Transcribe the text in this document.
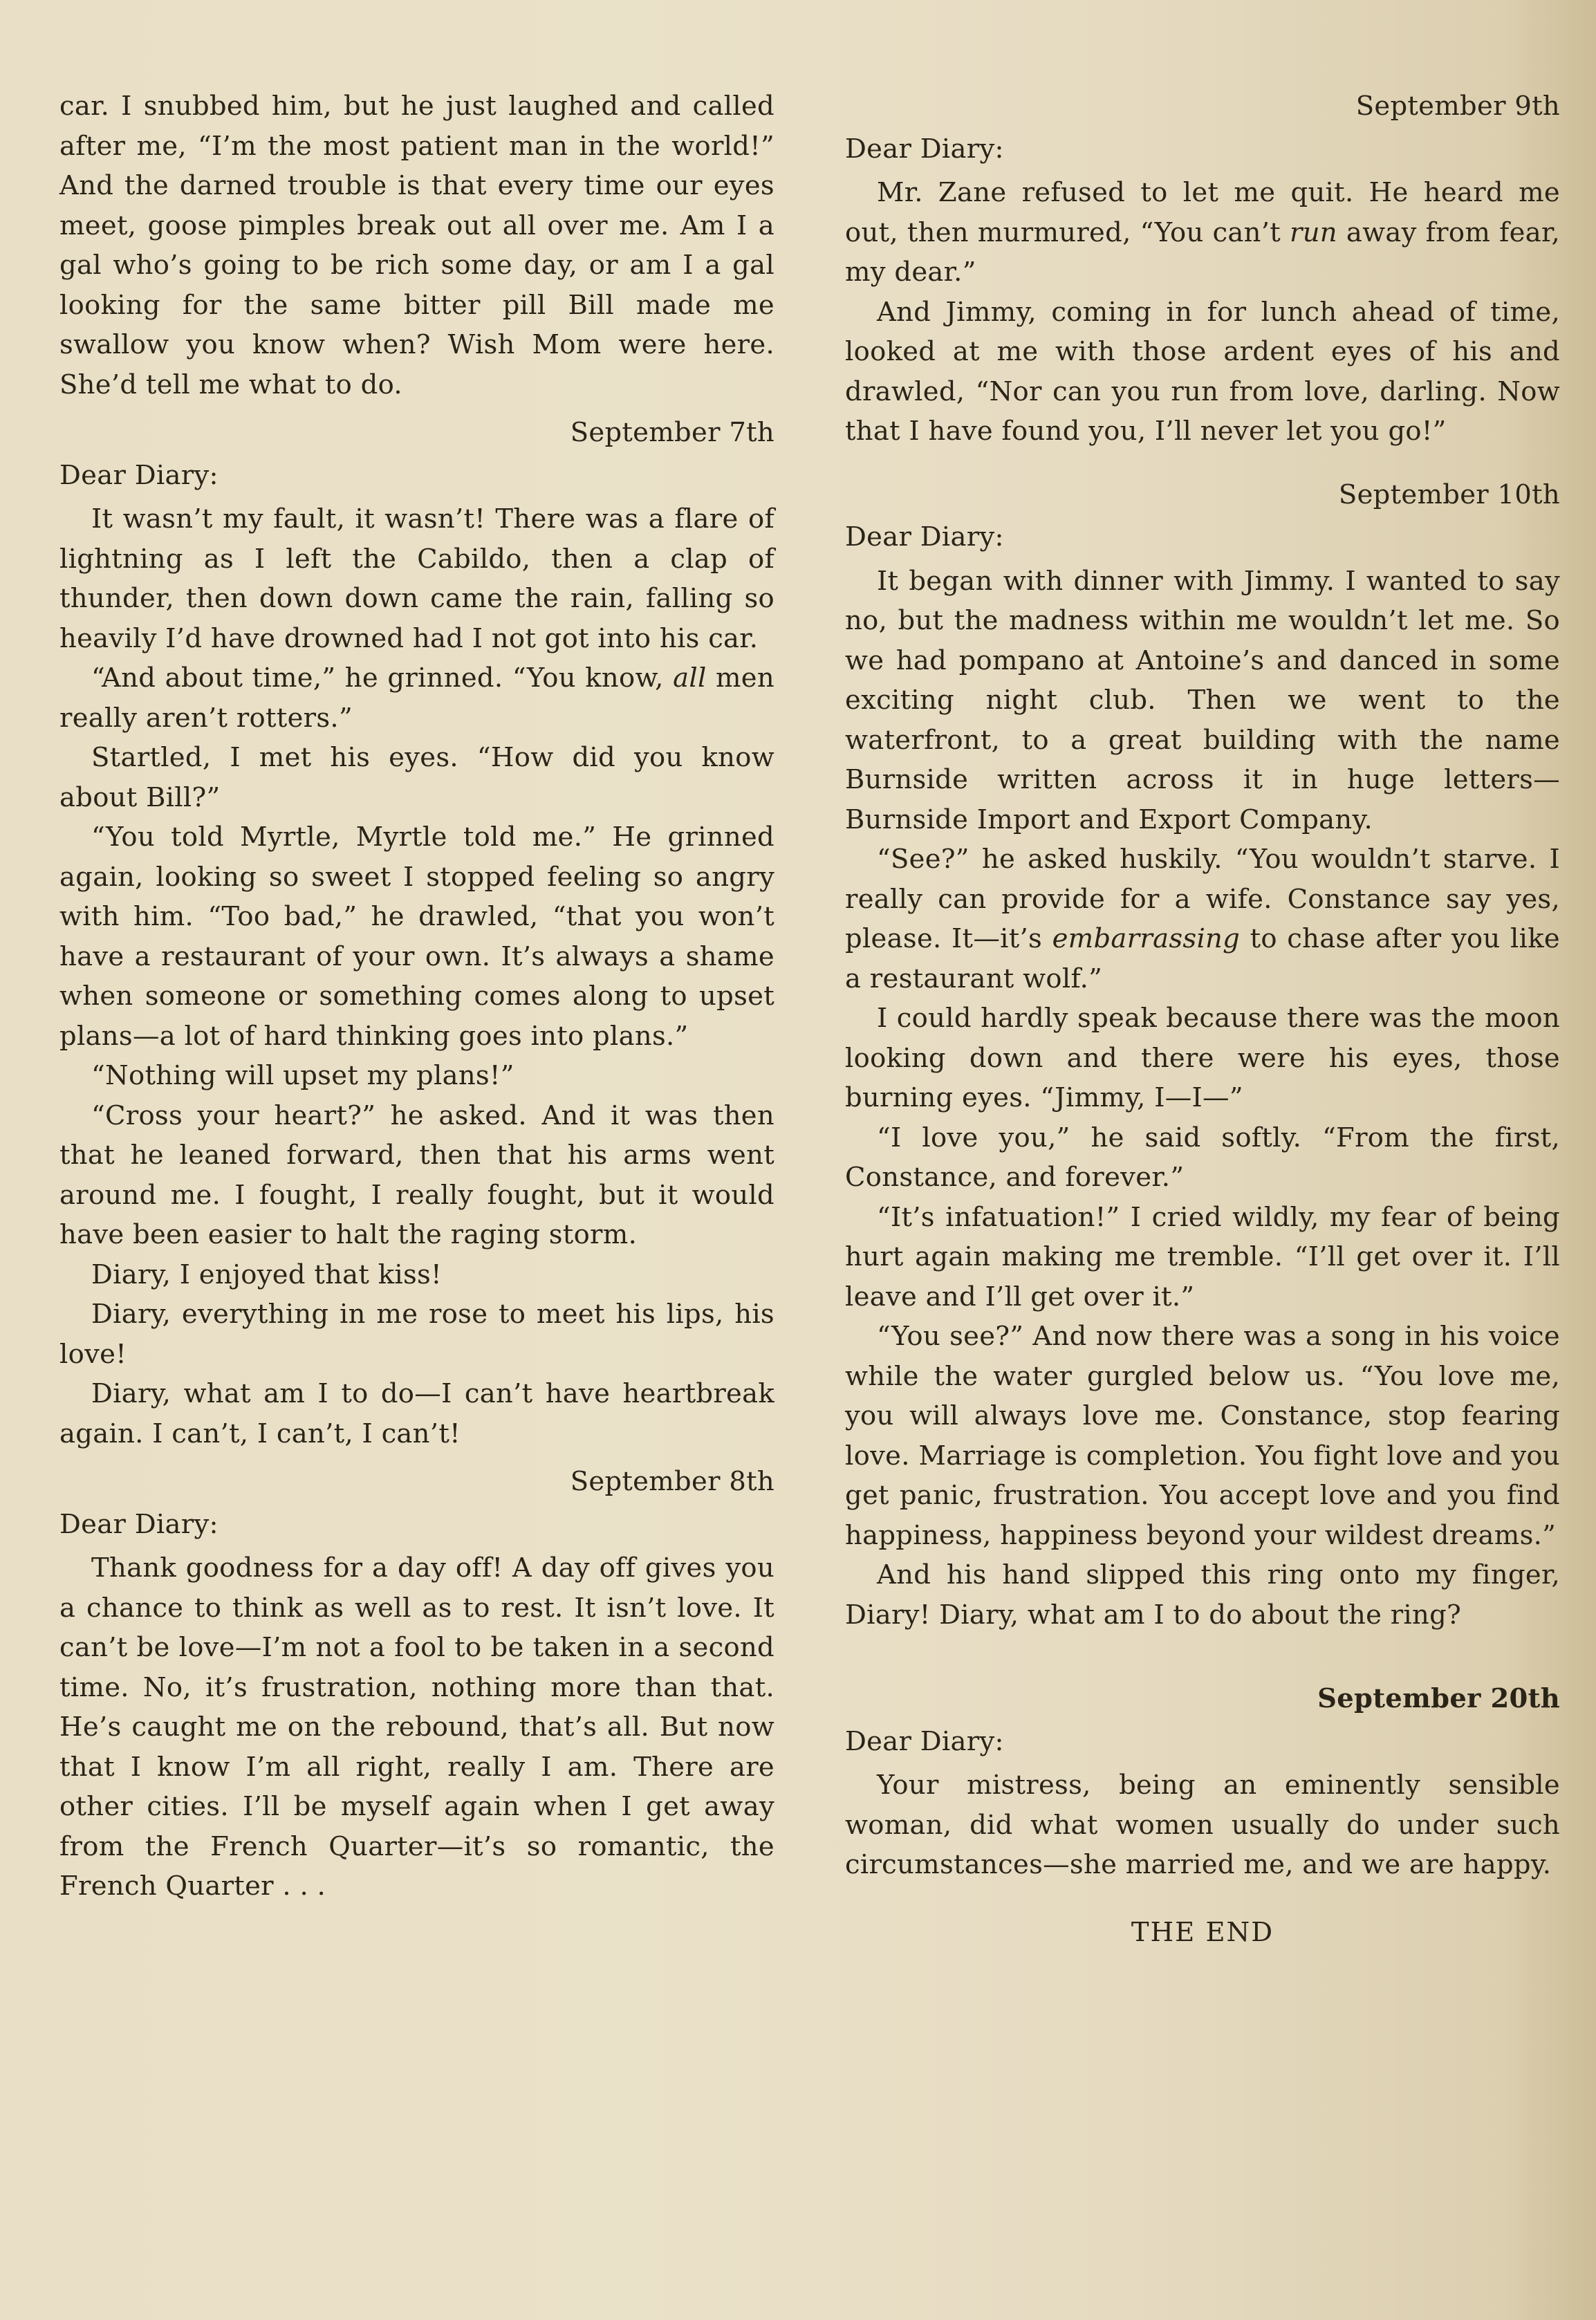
car. I snubbed him, but he just laughed and called after me, “I’m the most patient man in the world!” And the darned trouble is that every time our eyes meet, goose pimples break out all over me. Am I a gal who’s going to be rich some day, or am I a gal looking for the same bitter pill Bill made me swallow you know when? Wish Mom were here. She’d tell me what to do.

September 7th
Dear Diary:

It wasn’t my fault, it wasn’t! There was a flare of lightning as I left the Cabildo, then a clap of thunder, then down down came the rain, falling so heavily I’d have drowned had I not got into his car.

“And about time,” he grinned. “You know, all men really aren’t rotters.”

Startled, I met his eyes. “How did you know about Bill?”

“You told Myrtle, Myrtle told me.” He grinned again, looking so sweet I stopped feeling so angry with him. “Too bad,” he drawled, “that you won’t have a restaurant of your own. It’s always a shame when someone or something comes along to upset plans—a lot of hard thinking goes into plans.”

“Nothing will upset my plans!”

“Cross your heart?” he asked. And it was then that he leaned forward, then that his arms went around me. I fought, I really fought, but it would have been easier to halt the raging storm.

Diary, I enjoyed that kiss!

Diary, everything in me rose to meet his lips, his love!

Diary, what am I to do—I can’t have heartbreak again. I can’t, I can’t, I can’t!

September 8th
Dear Diary:

Thank goodness for a day off! A day off gives you a chance to think as well as to rest. It isn’t love. It can’t be love—I’m not a fool to be taken in a second time. No, it’s frustration, nothing more than that. He’s caught me on the rebound, that’s all. But now that I know I’m all right, really I am. There are other cities. I’ll be myself again when I get away from the French Quarter—it’s so romantic, the French Quarter . . .

September 9th
Dear Diary:

Mr. Zane refused to let me quit. He heard me out, then murmured, “You can’t run away from fear, my dear.”

And Jimmy, coming in for lunch ahead of time, looked at me with those ardent eyes of his and drawled, “Nor can you run from love, darling. Now that I have found you, I’ll never let you go!”

September 10th
Dear Diary:

It began with dinner with Jimmy. I wanted to say no, but the madness within me wouldn’t let me. So we had pompano at Antoine’s and danced in some exciting night club. Then we went to the waterfront, to a great building with the name Burnside written across it in huge letters—Burnside Import and Export Company.

“See?” he asked huskily. “You wouldn’t starve. I really can provide for a wife. Constance say yes, please. It—it’s embarrassing to chase after you like a restaurant wolf.”

I could hardly speak because there was the moon looking down and there were his eyes, those burning eyes. “Jimmy, I—I—”

“I love you,” he said softly. “From the first, Constance, and forever.”

“It’s infatuation!” I cried wildly, my fear of being hurt again making me tremble. “I’ll get over it. I’ll leave and I’ll get over it.”

“You see?” And now there was a song in his voice while the water gurgled below us. “You love me, you will always love me. Constance, stop fearing love. Marriage is completion. You fight love and you get panic, frustration. You accept love and you find happiness, happiness beyond your wildest dreams.”

And his hand slipped this ring onto my finger, Diary! Diary, what am I to do about the ring?

September 20th
Dear Diary:

Your mistress, being an eminently sensible woman, did what women usually do under such circumstances—she married me, and we are happy.

THE END
